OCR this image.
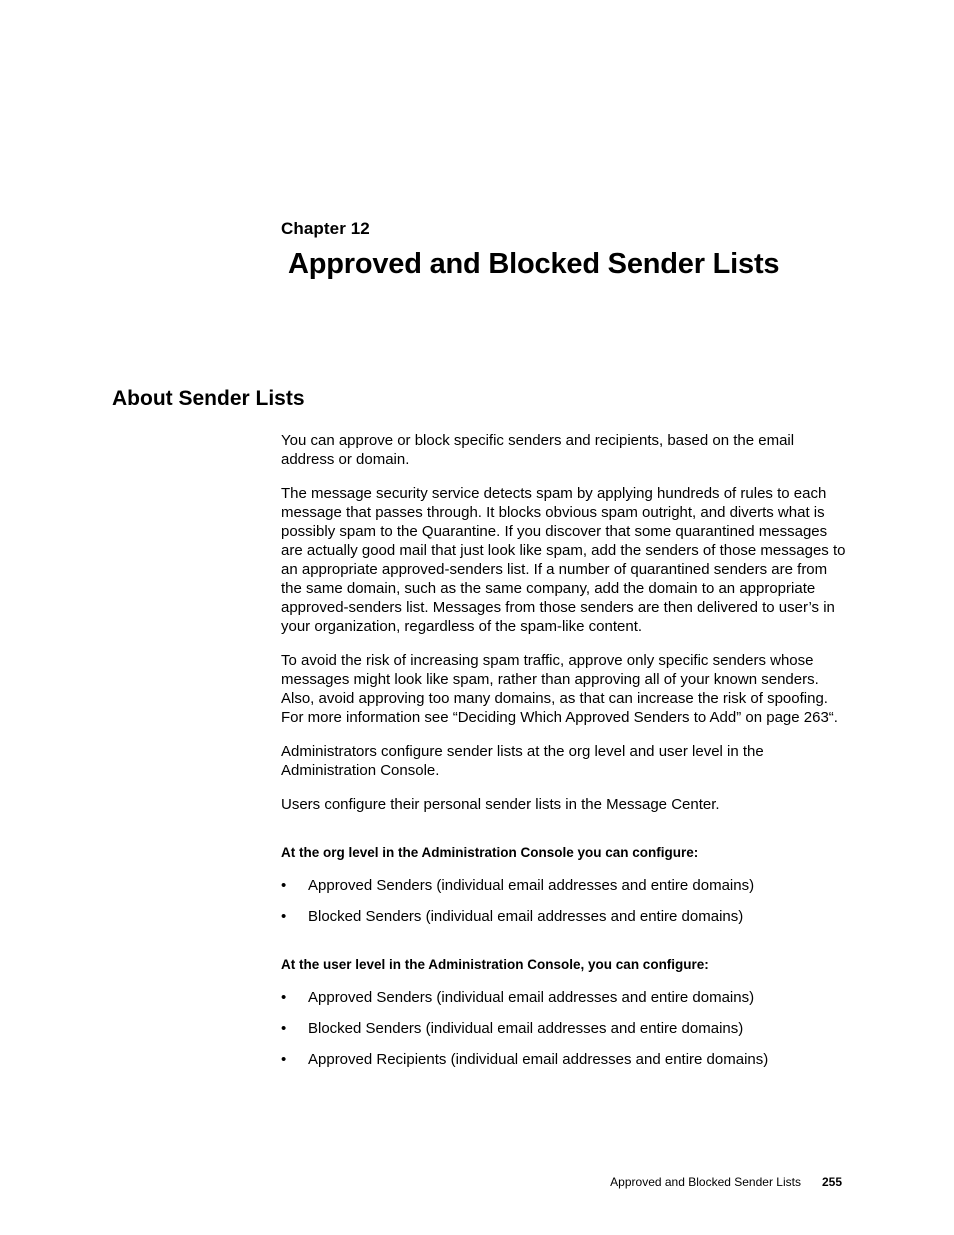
Chapter 12
Approved and Blocked Sender Lists
About Sender Lists

You can approve or block specific senders and recipients, based on the email address or domain.

The message security service detects spam by applying hundreds of rules to each message that passes through. It blocks obvious spam outright, and diverts what is possibly spam to the Quarantine. If you discover that some quarantined messages are actually good mail that just look like spam, add the senders of those messages to an appropriate approved-senders list. If a number of quarantined senders are from the same domain, such as the same company, add the domain to an appropriate approved-senders list. Messages from those senders are then delivered to user’s in your organization, regardless of the spam-like content.

To avoid the risk of increasing spam traffic, approve only specific senders whose messages might look like spam, rather than approving all of your known senders. Also, avoid approving too many domains, as that can increase the risk of spoofing. For more information see “Deciding Which Approved Senders to Add” on page 263“.

Administrators configure sender lists at the org level and user level in the Administration Console.

Users configure their personal sender lists in the Message Center.

At the org level in the Administration Console you can configure:
• Approved Senders (individual email addresses and entire domains)
• Blocked Senders (individual email addresses and entire domains)
At the user level in the Administration Console, you can configure:
• Approved Senders (individual email addresses and entire domains)
• Blocked Senders (individual email addresses and entire domains)
• Approved Recipients (individual email addresses and entire domains)
Approved and Blocked Sender Lists 255
